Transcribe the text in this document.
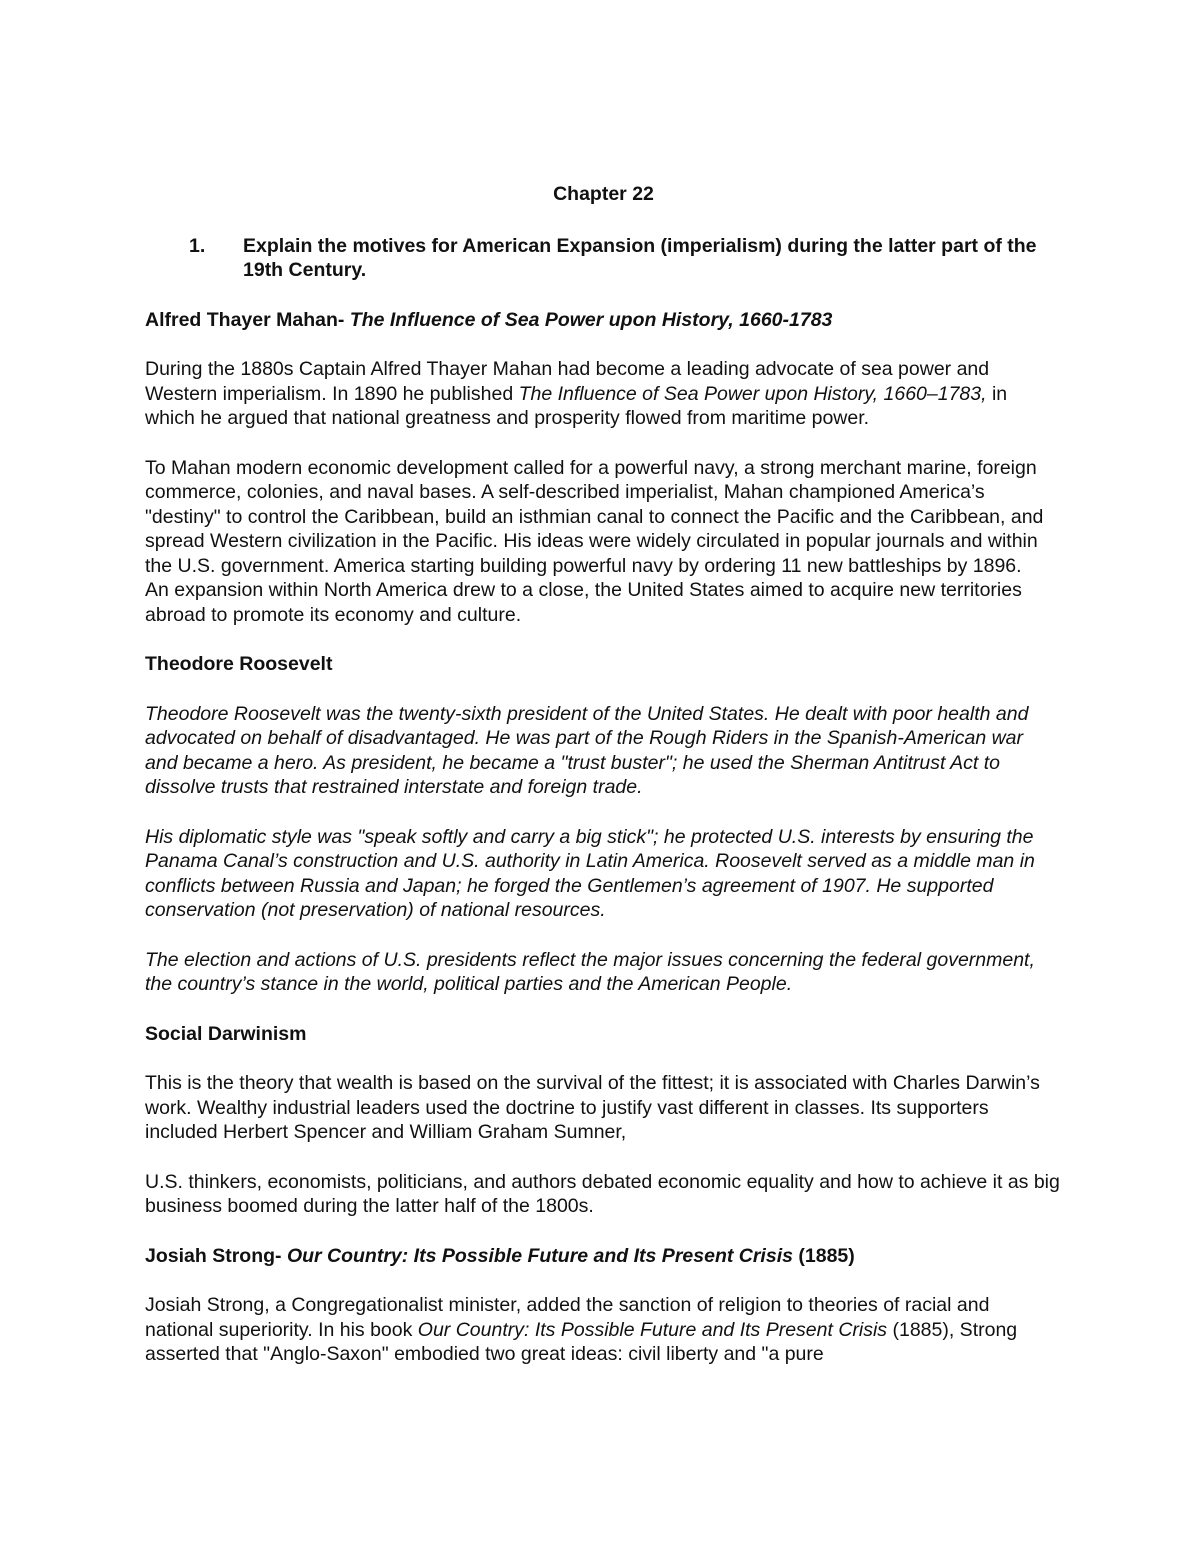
Chapter 22
1.	Explain the motives for American Expansion (imperialism) during the latter part of the 19th Century.
Alfred Thayer Mahan- The Influence of Sea Power upon History, 1660-1783

During the 1880s Captain Alfred Thayer Mahan had become a leading advocate of sea power and Western imperialism. In 1890 he published The Influence of Sea Power upon History, 1660–1783, in which he argued that national greatness and prosperity flowed from maritime power.

To Mahan modern economic development called for a powerful navy, a strong merchant marine, foreign commerce, colonies, and naval bases. A self-described imperialist, Mahan championed America’s "destiny" to control the Caribbean, build an isthmian canal to connect the Pacific and the Caribbean, and spread Western civilization in the Pacific. His ideas were widely circulated in popular journals and within the U.S. government. America starting building powerful navy by ordering 11 new battleships by 1896.

An expansion within North America drew to a close, the United States aimed to acquire new territories abroad to promote its economy and culture.

Theodore Roosevelt

Theodore Roosevelt was the twenty-sixth president of the United States. He dealt with poor health and advocated on behalf of disadvantaged. He was part of the Rough Riders in the Spanish-American war and became a hero. As president, he became a "trust buster"; he used the Sherman Antitrust Act to dissolve trusts that restrained interstate and foreign trade.

His diplomatic style was "speak softly and carry a big stick"; he protected U.S. interests by ensuring the Panama Canal’s construction and U.S. authority in Latin America. Roosevelt served as a middle man in conflicts between Russia and Japan; he forged the Gentlemen’s agreement of 1907. He supported conservation (not preservation) of national resources.

The election and actions of U.S. presidents reflect the major issues concerning the federal government, the country’s stance in the world, political parties and the American People.

Social Darwinism

This is the theory that wealth is based on the survival of the fittest; it is associated with Charles Darwin’s work. Wealthy industrial leaders used the doctrine to justify vast different in classes. Its supporters included Herbert Spencer and William Graham Sumner,

U.S. thinkers, economists, politicians, and authors debated economic equality and how to achieve it as big business boomed during the latter half of the 1800s.

Josiah Strong- Our Country: Its Possible Future and Its Present Crisis (1885)

Josiah Strong, a Congregationalist minister, added the sanction of religion to theories of racial and national superiority. In his book Our Country: Its Possible Future and Its Present Crisis (1885), Strong asserted that "Anglo-Saxon" embodied two great ideas: civil liberty and "a pure
